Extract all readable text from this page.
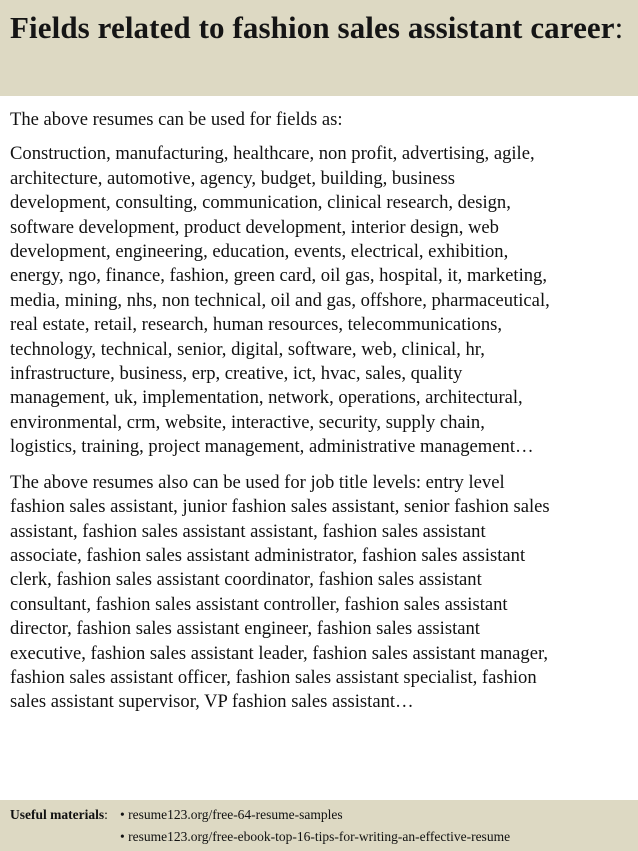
Fields related to fashion sales assistant career:

The above resumes can be used for fields as:

Construction, manufacturing, healthcare, non profit, advertising, agile,

architecture, automotive, agency, budget, building, business

development, consulting, communication, clinical research, design,

software development, product development, interior design, web

development, engineering, education, events, electrical, exhibition,

energy, ngo, finance, fashion, green card, oil gas, hospital, it, marketing,

media, mining, nhs, non technical, oil and gas, offshore, pharmaceutical,

real estate, retail, research, human resources, telecommunications,

technology, technical, senior, digital, software, web, clinical, hr,

infrastructure, business, erp, creative, ict, hvac, sales, quality

management, uk, implementation, network, operations, architectural,

environmental, crm, website, interactive, security, supply chain,

logistics, training, project management, administrative management…

The above resumes also can be used for job title levels: entry level

fashion sales assistant, junior fashion sales assistant, senior fashion sales

assistant, fashion sales assistant assistant, fashion sales assistant

associate, fashion sales assistant administrator, fashion sales assistant

clerk, fashion sales assistant coordinator, fashion sales assistant

consultant, fashion sales assistant controller, fashion sales assistant

director, fashion sales assistant engineer, fashion sales assistant

executive, fashion sales assistant leader, fashion sales assistant manager,

fashion sales assistant officer, fashion sales assistant specialist, fashion

sales assistant supervisor, VP fashion sales assistant…

Useful materials: • resume123.org/free-64-resume-samples
• resume123.org/free-ebook-top-16-tips-for-writing-an-effective-resume
